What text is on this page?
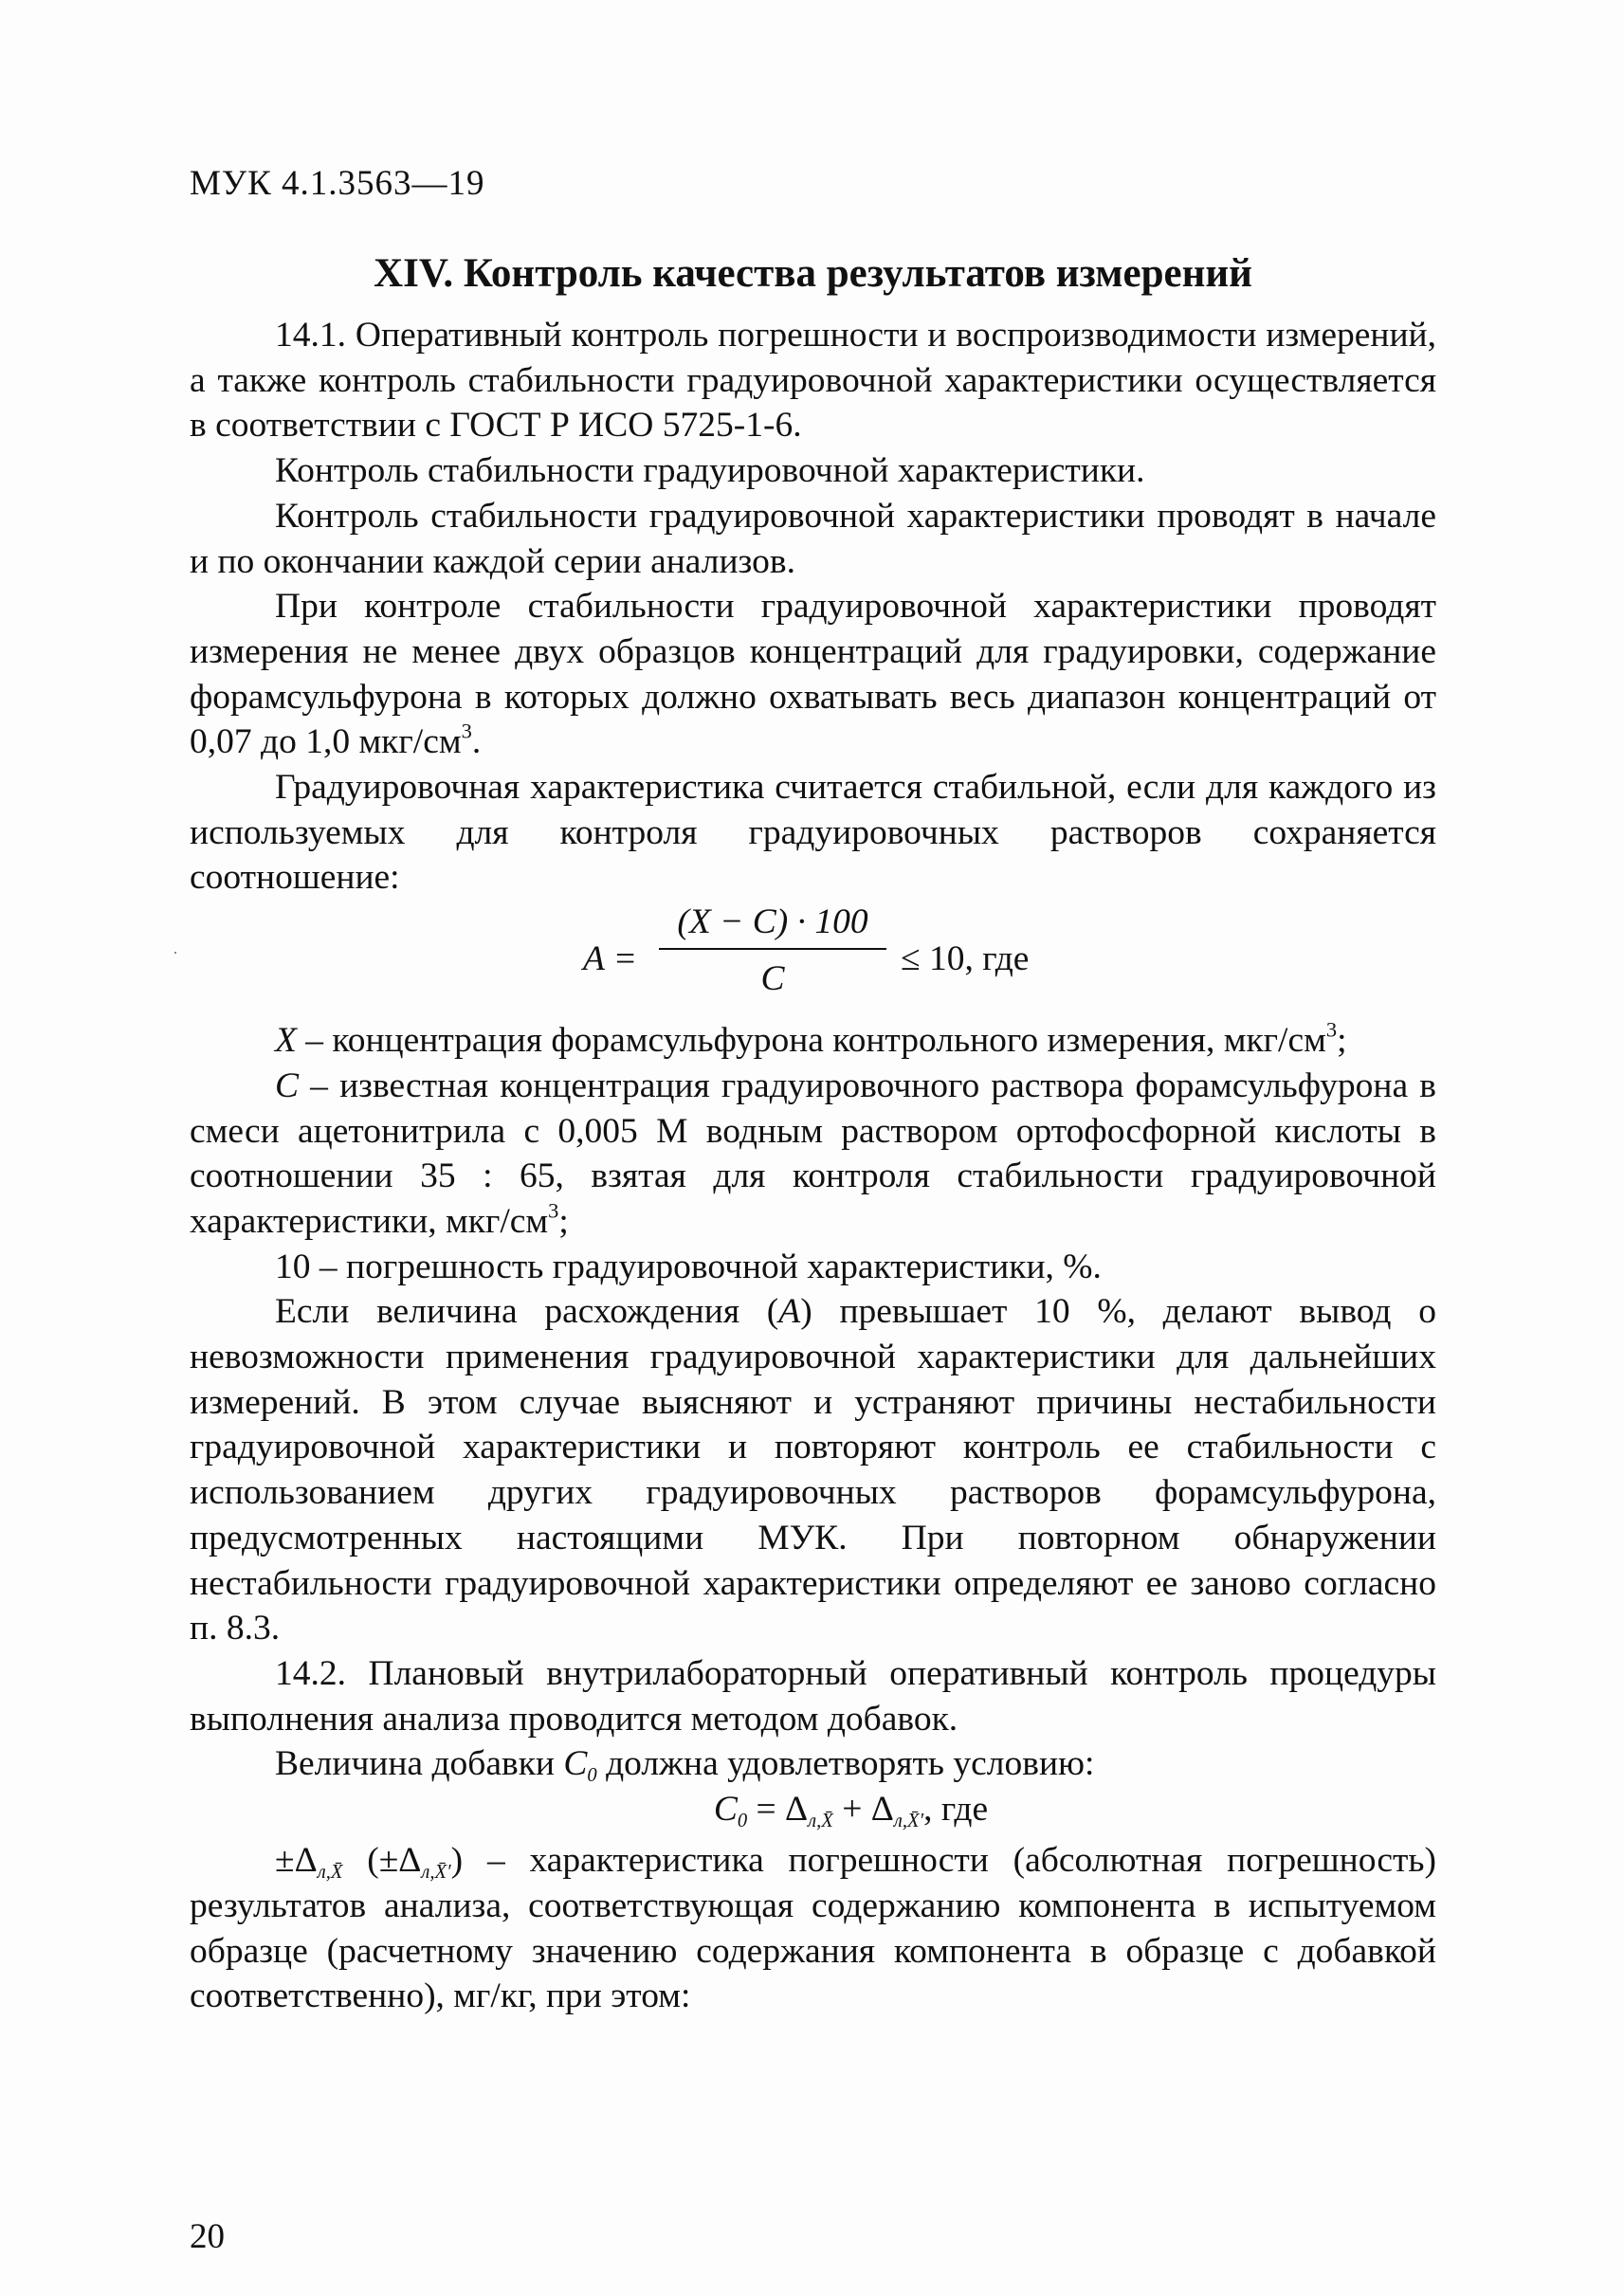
МУК 4.1.3563—19
XIV. Контроль качества результатов измерений

14.1. Оперативный контроль погрешности и воспроизводимости измерений, а также контроль стабильности градуировочной характеристики осуществляется в соответствии с ГОСТ Р ИСО 5725-1-6.

Контроль стабильности градуировочной характеристики.

Контроль стабильности градуировочной характеристики проводят в начале и по окончании каждой серии анализов.

При контроле стабильности градуировочной характеристики проводят измерения не менее двух образцов концентраций для градуировки, содержание форамсульфурона в которых должно охватывать весь диапазон концентраций от 0,07 до 1,0 мкг/$см^3$.

Градуировочная характеристика считается стабильной, если для каждого из используемых для контроля градуировочных растворов сохраняется соотношение:

A =
(X − C) · 100
C
≤ 10, где

X – концентрация форамсульфурона контрольного измерения, мкг/$см^3$;

C – известная концентрация градуировочного раствора форамсульфурона в смеси ацетонитрила с 0,005 М водным раствором ортофосфорной кислоты в соотношении 35 : 65, взятая для контроля стабильности градуировочной характеристики, мкг/$см^3$;

10 – погрешность градуировочной характеристики, %.

Если величина расхождения (А) превышает 10 %, делают вывод о невозможности применения градуировочной характеристики для дальнейших измерений. В этом случае выясняют и устраняют причины нестабильности градуировочной характеристики и повторяют контроль ее стабильности с использованием других градуировочных растворов форамсульфурона, предусмотренных настоящими МУК. При повторном обнаружении нестабильности градуировочной характеристики определяют ее заново согласно п. 8.3.

14.2. Плановый внутрилабораторный оперативный контроль процедуры выполнения анализа проводится методом добавок.

Величина добавки $C_0$ должна удовлетворять условию:

$C_0 = \Delta_{л,X̄} + \Delta_{л,X̄'}$, где

$\pm\Delta_{л,X̄}$ $(\pm\Delta_{л,X̄'})$ – характеристика погрешности (абсолютная погрешность) результатов анализа, соответствующая содержанию компонента в испытуемом образце (расчетному значению содержания компонента в образце с добавкой соответственно), мг/кг, при этом:

20
